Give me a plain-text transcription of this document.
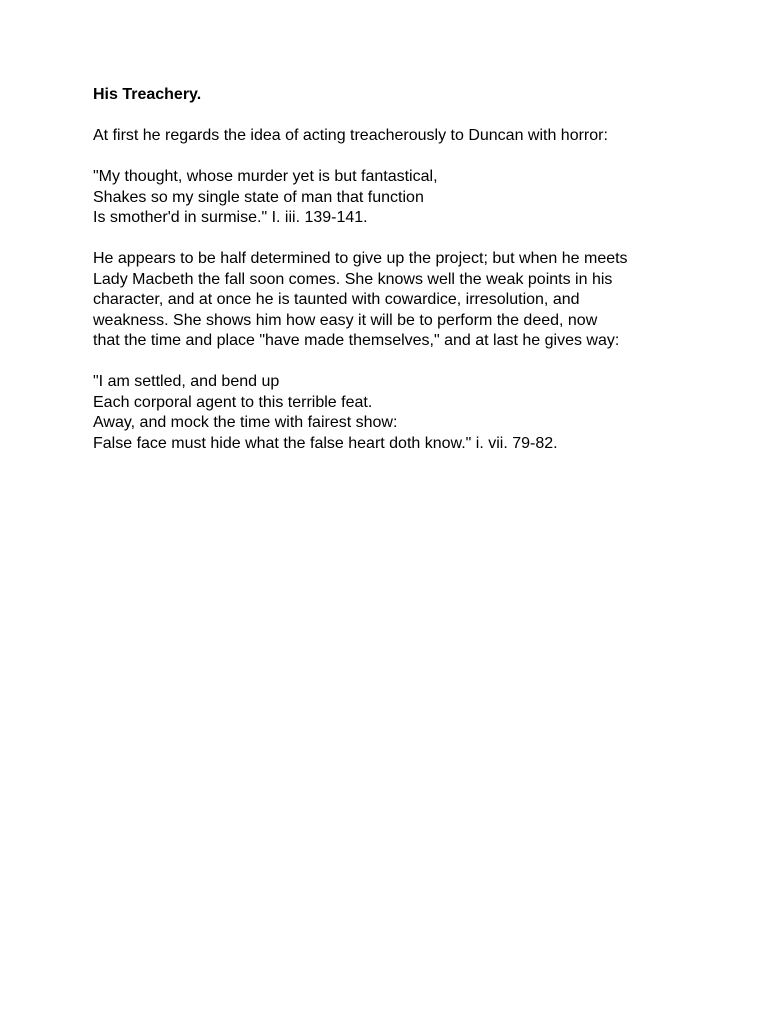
His Treachery.

At first he regards the idea of acting treacherously to Duncan with horror:

"My thought, whose murder yet is but fantastical,
Shakes so my single state of man that function
Is smother'd in surmise." I. iii. 139-141.
He appears to be half determined to give up the project; but when he meets
Lady Macbeth the fall soon comes. She knows well the weak points in his
character, and at once he is taunted with cowardice, irresolution, and
weakness. She shows him how easy it will be to perform the deed, now
that the time and place "have made themselves," and at last he gives way:
"I am settled, and bend up
Each corporal agent to this terrible feat.
Away, and mock the time with fairest show:
False face must hide what the false heart doth know." i. vii. 79-82.
